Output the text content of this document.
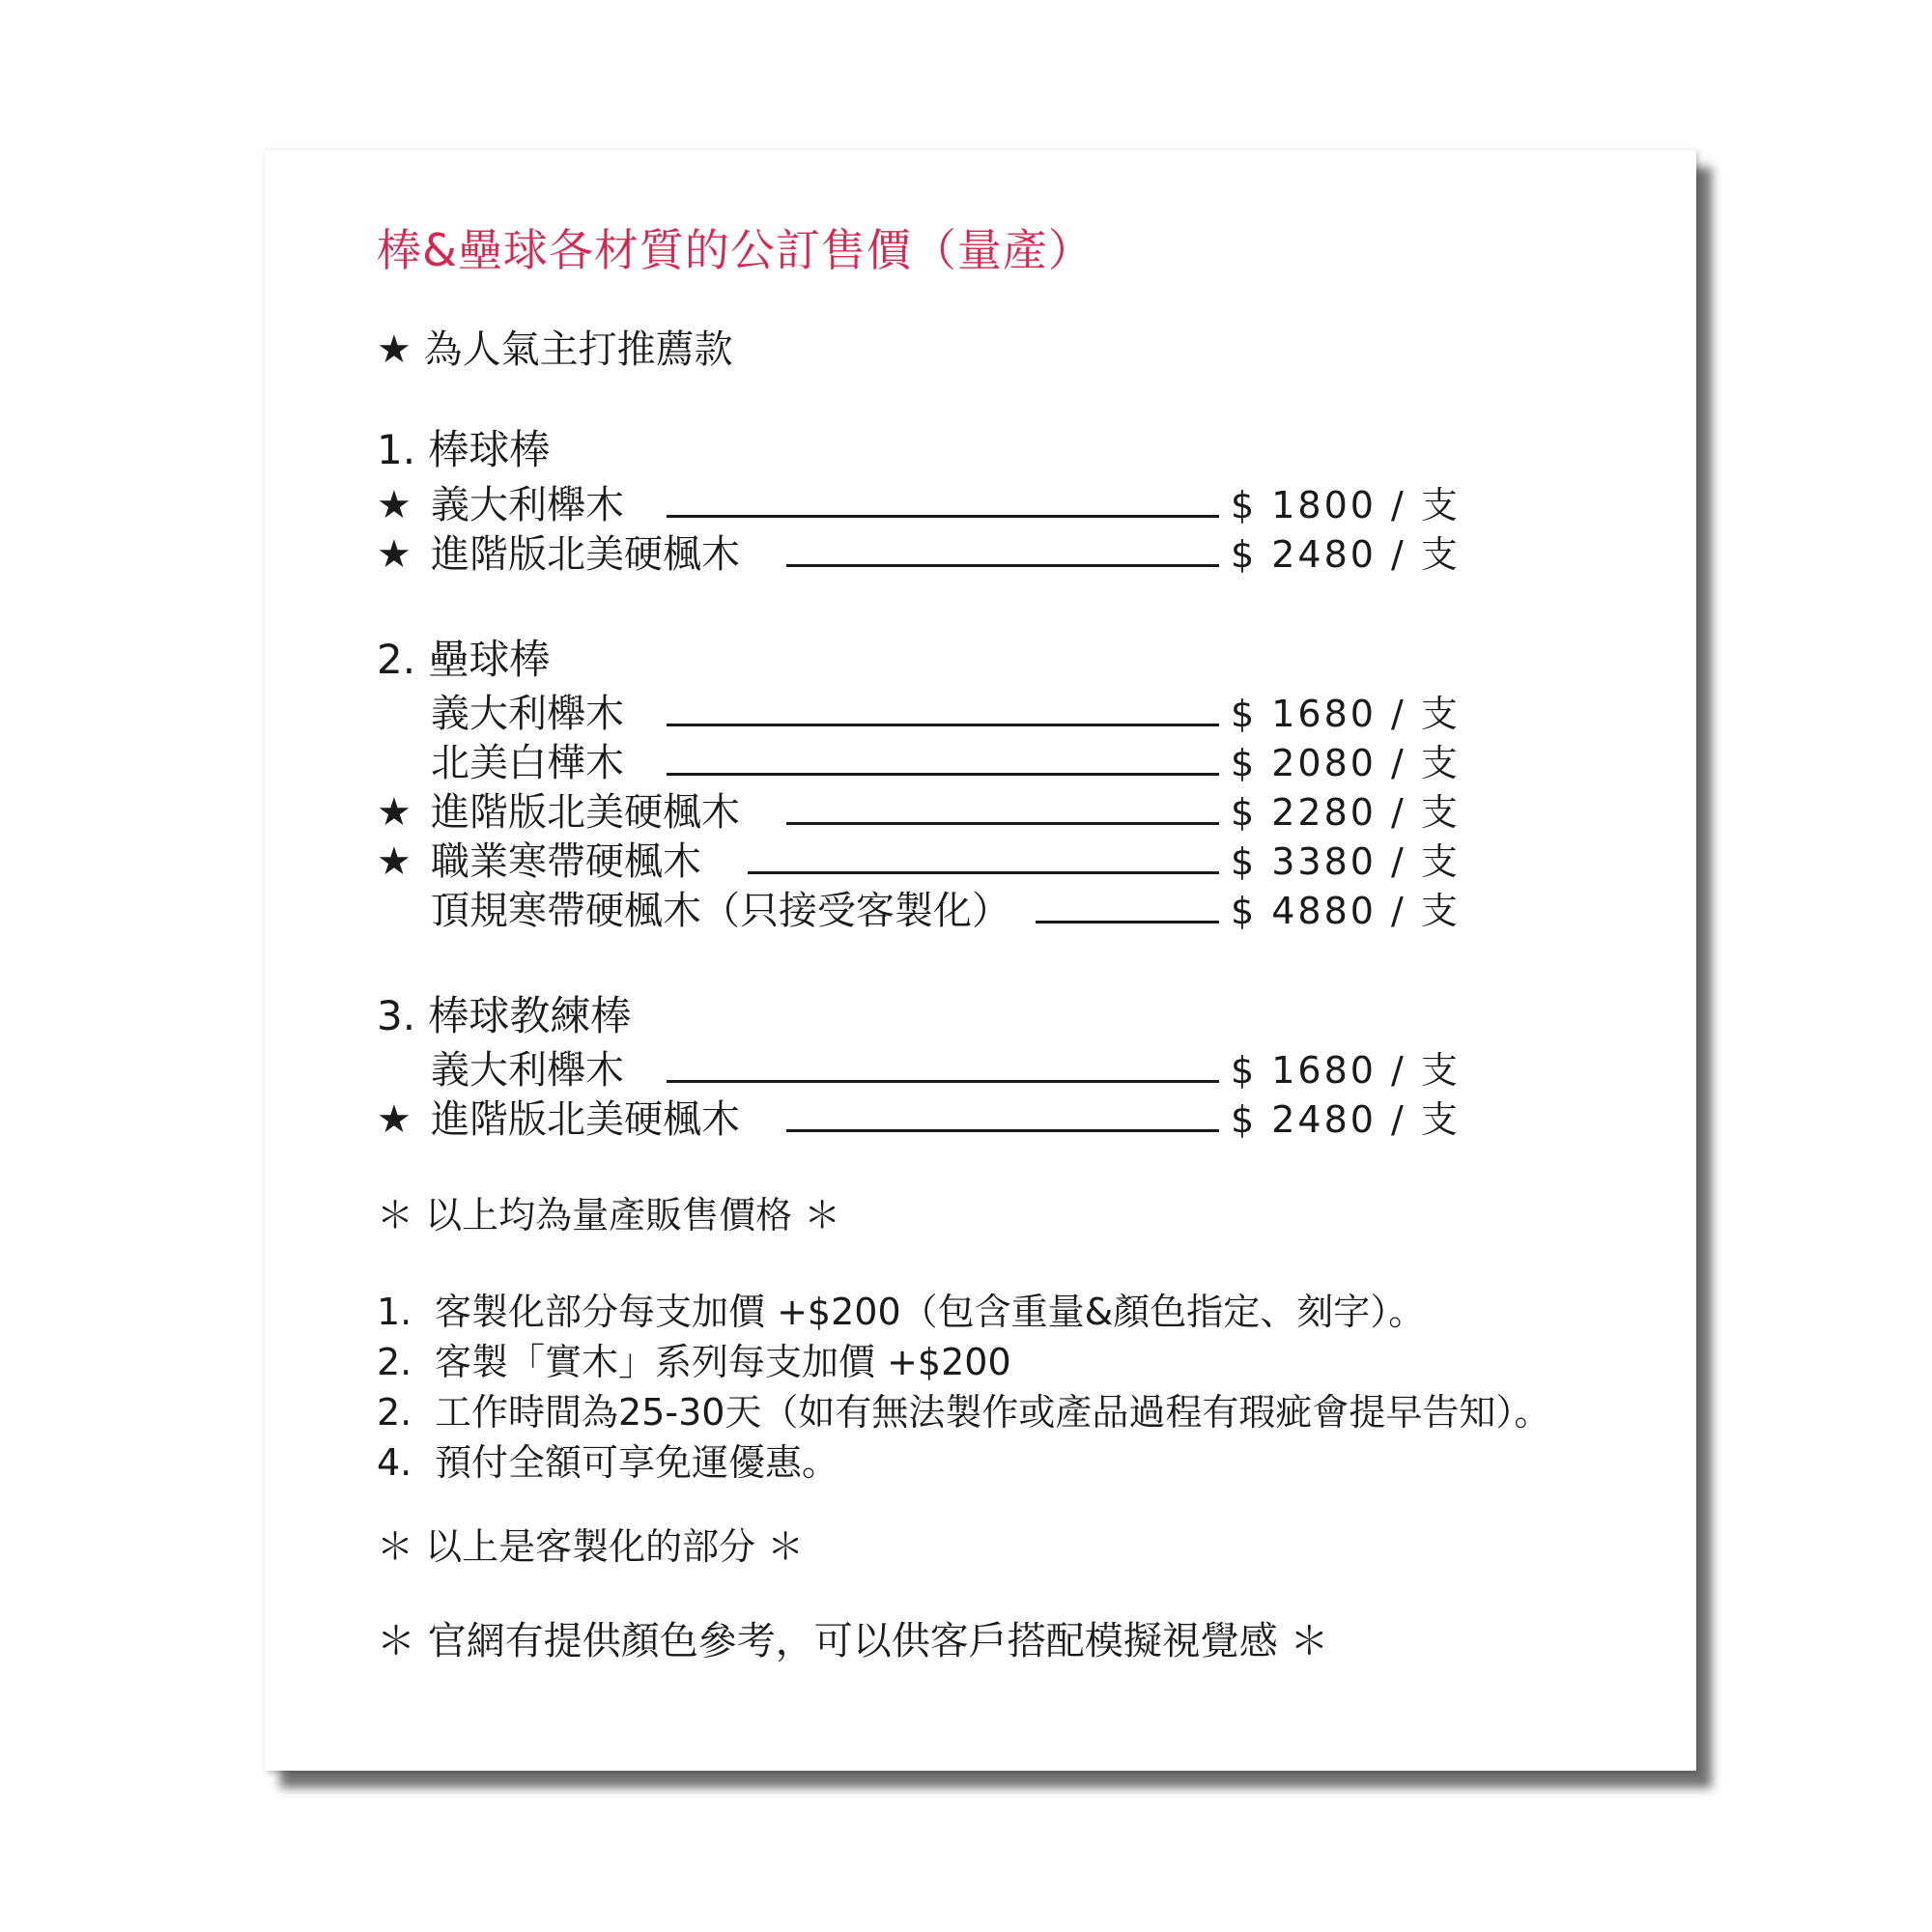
棒&壘球各材質的公訂售價（量產）
★ 為人氣主打推薦款
1. 棒球棒
★ 義大利櫸木	$ 1800 / 支
★ 進階版北美硬楓木	$ 2480 / 支
2. 壘球棒
義大利櫸木	$ 1680 / 支
北美白樺木	$ 2080 / 支
★ 進階版北美硬楓木	$ 2280 / 支
★ 職業寒帶硬楓木	$ 3380 / 支
頂規寒帶硬楓木（只接受客製化）	$ 4880 / 支
3. 棒球教練棒
義大利櫸木	$ 1680 / 支
★ 進階版北美硬楓木	$ 2480 / 支
＊ 以上均為量產販售價格 ＊
1. 客製化部分每支加價 +$200（包含重量&顏色指定、刻字）。
2. 客製「實木」系列每支加價 +$200
2. 工作時間為25-30天（如有無法製作或產品過程有瑕疵會提早告知）。
4. 預付全額可享免運優惠。
＊ 以上是客製化的部分 ＊
＊ 官網有提供顏色參考，可以供客戶搭配模擬視覺感 ＊
